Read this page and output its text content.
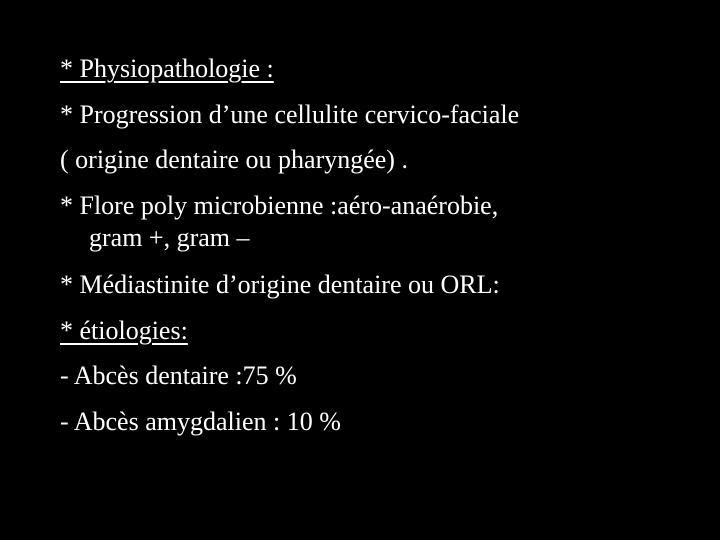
* Physiopathologie :
* Progression d’une cellulite cervico-faciale
( origine dentaire ou pharyngée) .
* Flore poly microbienne :aéro-anaérobie,
gram +, gram –
* Médiastinite d’origine dentaire ou ORL:
* étiologies:
- Abcès dentaire :75 %
- Abcès amygdalien : 10 %
